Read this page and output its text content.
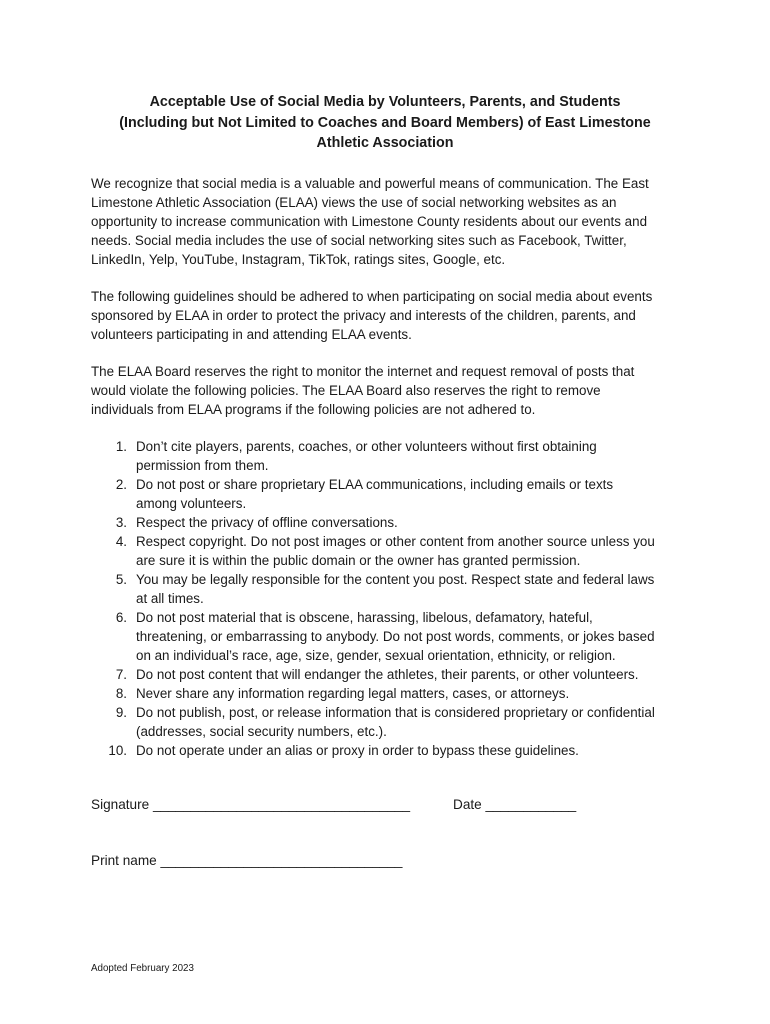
Acceptable Use of Social Media by Volunteers, Parents, and Students
(Including but Not Limited to Coaches and Board Members) of East Limestone
Athletic Association
We recognize that social media is a valuable and powerful means of communication. The East
Limestone Athletic Association (ELAA) views the use of social networking websites as an
opportunity to increase communication with Limestone County residents about our events and
needs. Social media includes the use of social networking sites such as Facebook, Twitter,
LinkedIn, Yelp, YouTube, Instagram, TikTok, ratings sites, Google, etc.
The following guidelines should be adhered to when participating on social media about events
sponsored by ELAA in order to protect the privacy and interests of the children, parents, and
volunteers participating in and attending ELAA events.
The ELAA Board reserves the right to monitor the internet and request removal of posts that
would violate the following policies. The ELAA Board also reserves the right to remove
individuals from ELAA programs if the following policies are not adhered to.
1. Don’t cite players, parents, coaches, or other volunteers without first obtaining
permission from them.
2. Do not post or share proprietary ELAA communications, including emails or texts
among volunteers.
3. Respect the privacy of offline conversations.
4. Respect copyright. Do not post images or other content from another source unless you
are sure it is within the public domain or the owner has granted permission.
5. You may be legally responsible for the content you post. Respect state and federal laws
at all times.
6. Do not post material that is obscene, harassing, libelous, defamatory, hateful,
threatening, or embarrassing to anybody. Do not post words, comments, or jokes based
on an individual’s race, age, size, gender, sexual orientation, ethnicity, or religion.
7. Do not post content that will endanger the athletes, their parents, or other volunteers.
8. Never share any information regarding legal matters, cases, or attorneys.
9. Do not publish, post, or release information that is considered proprietary or confidential
(addresses, social security numbers, etc.).
10. Do not operate under an alias or proxy in order to bypass these guidelines.
Signature __________________________________	Date ____________
Print name ________________________________
Adopted February 2023
